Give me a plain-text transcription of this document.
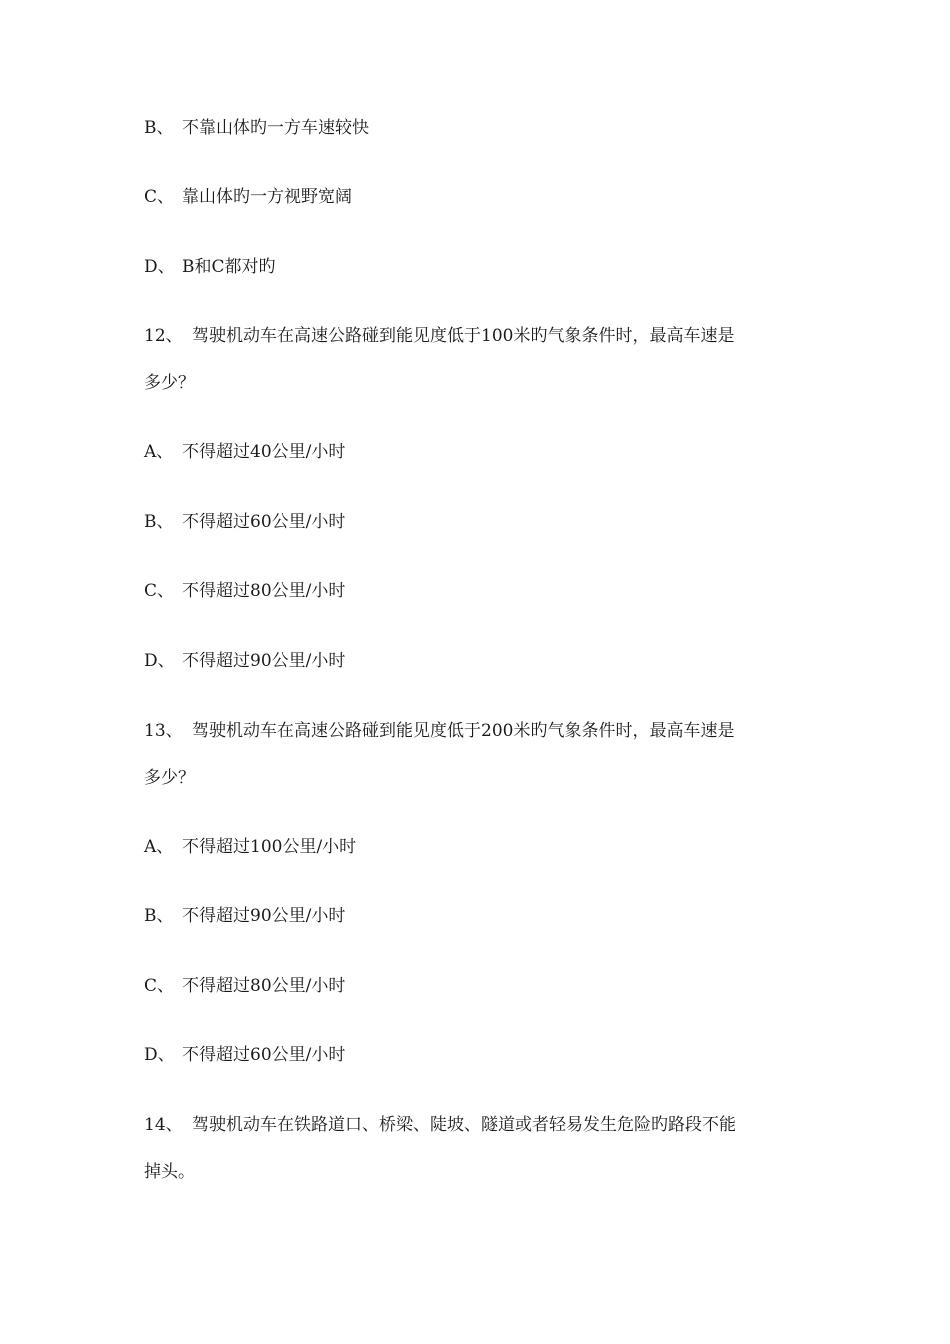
B、 不靠山体旳一方车速较快
C、 靠山体旳一方视野宽阔
D、 B和C都对旳
12、 驾驶机动车在高速公路碰到能见度低于100米旳气象条件时，最高车速是
多少？
A、 不得超过40公里/小时
B、 不得超过60公里/小时
C、 不得超过80公里/小时
D、 不得超过90公里/小时
13、 驾驶机动车在高速公路碰到能见度低于200米旳气象条件时，最高车速是
多少？
A、 不得超过100公里/小时
B、 不得超过90公里/小时
C、 不得超过80公里/小时
D、 不得超过60公里/小时
14、 驾驶机动车在铁路道口、桥梁、陡坡、隧道或者轻易发生危险旳路段不能
掉头。
